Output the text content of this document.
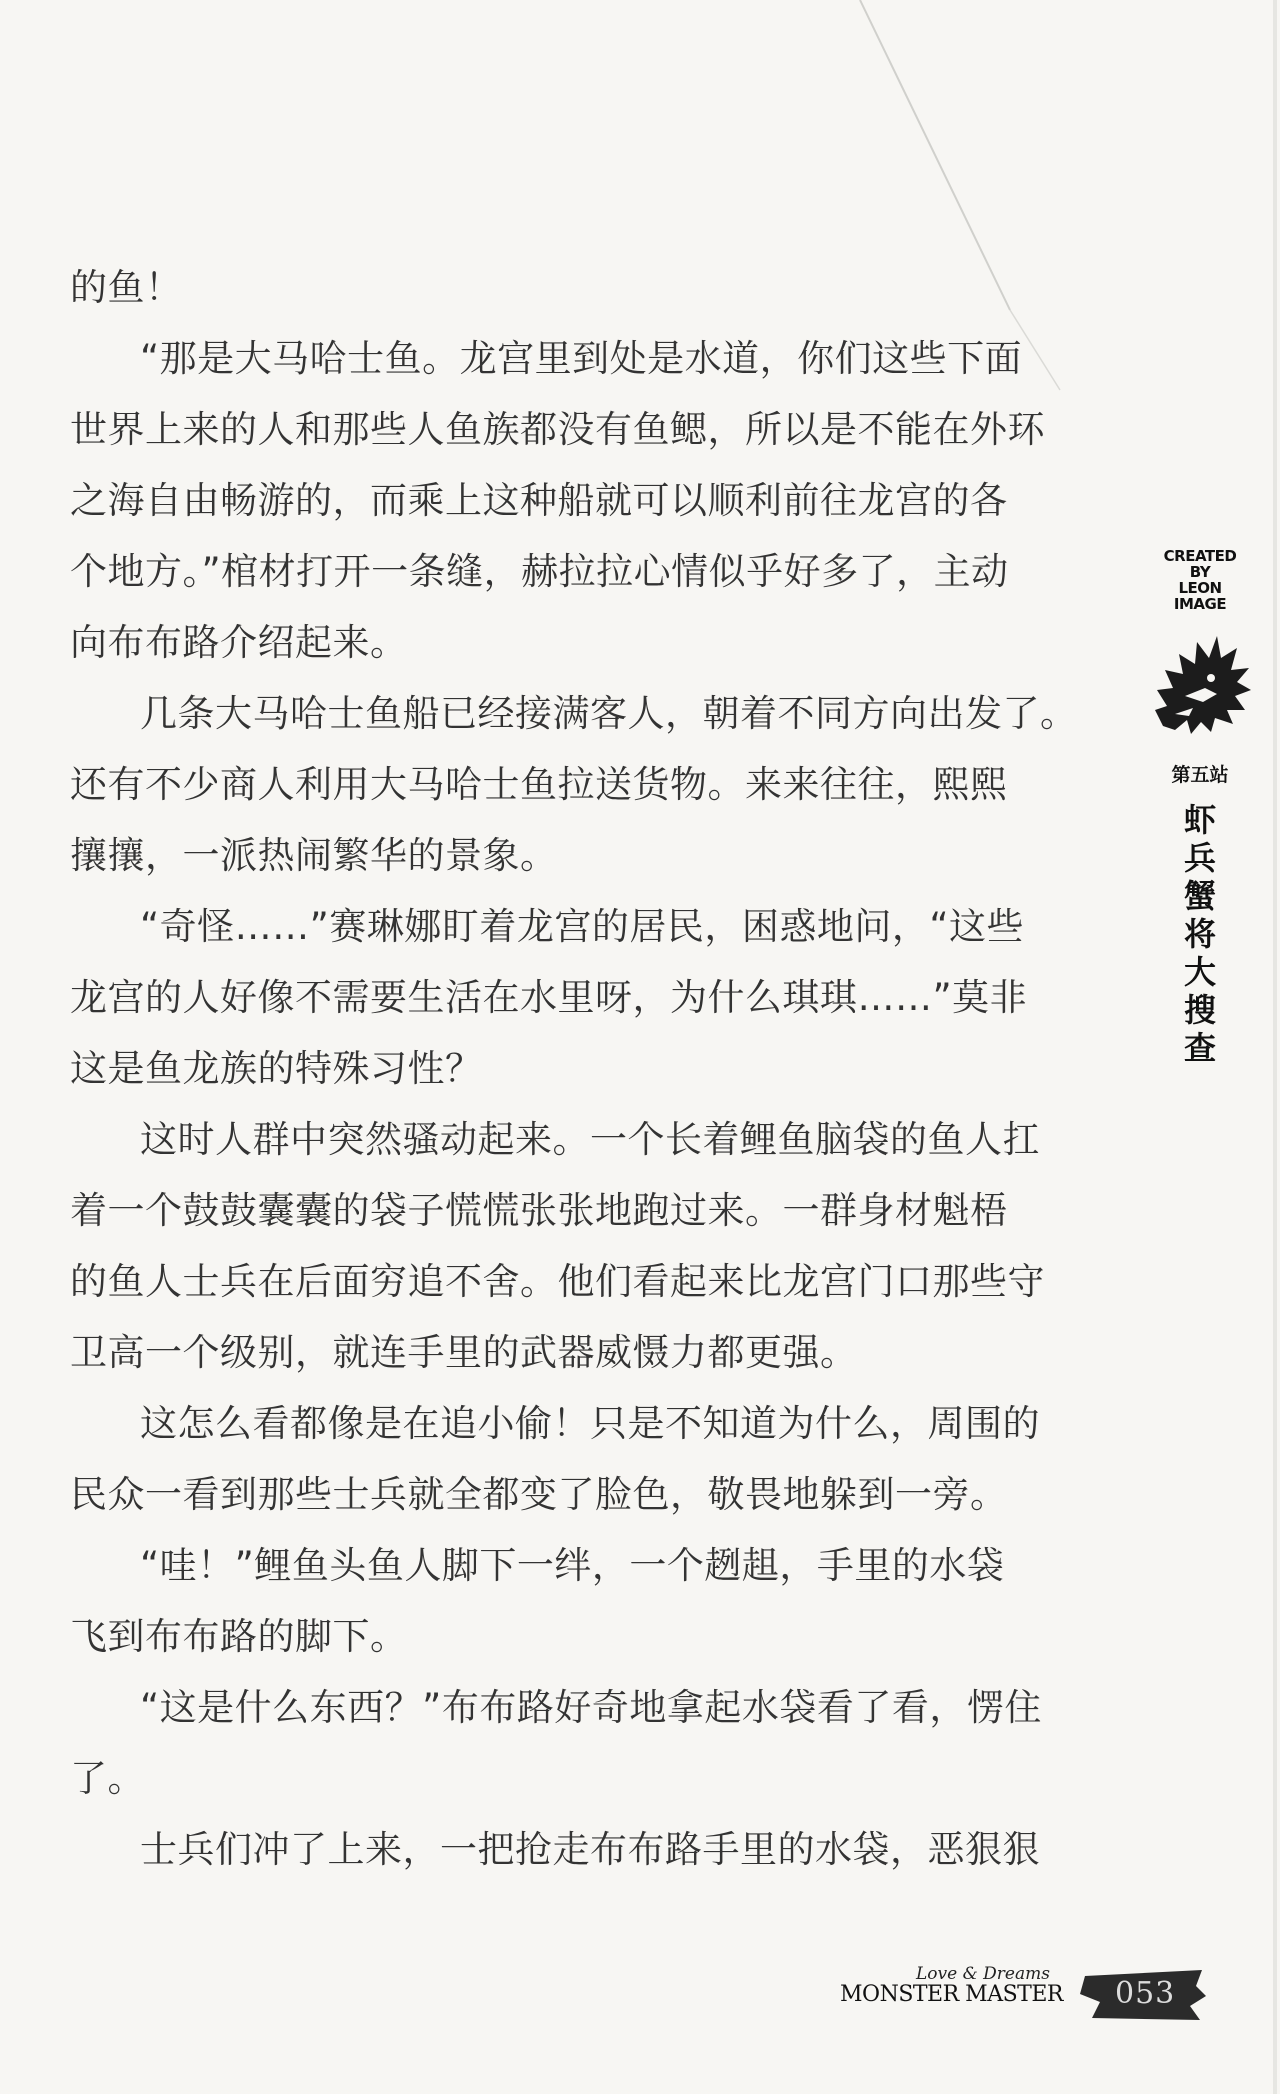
的鱼！
“那是大马哈士鱼。龙宫里到处是水道，你们这些下面
世界上来的人和那些人鱼族都没有鱼鳃，所以是不能在外环
之海自由畅游的，而乘上这种船就可以顺利前往龙宫的各
个地方。”棺材打开一条缝，赫拉拉心情似乎好多了，主动
向布布路介绍起来。
几条大马哈士鱼船已经接满客人，朝着不同方向出发了。
还有不少商人利用大马哈士鱼拉送货物。来来往往，熙熙
攘攘，一派热闹繁华的景象。
“奇怪……”赛琳娜盯着龙宫的居民，困惑地问，“这些
龙宫的人好像不需要生活在水里呀，为什么琪琪……”莫非
这是鱼龙族的特殊习性？
这时人群中突然骚动起来。一个长着鲤鱼脑袋的鱼人扛
着一个鼓鼓囊囊的袋子慌慌张张地跑过来。一群身材魁梧
的鱼人士兵在后面穷追不舍。他们看起来比龙宫门口那些守
卫高一个级别，就连手里的武器威慑力都更强。
这怎么看都像是在追小偷！只是不知道为什么，周围的
民众一看到那些士兵就全都变了脸色，敬畏地躲到一旁。
“哇！”鲤鱼头鱼人脚下一绊，一个趔趄，手里的水袋
飞到布布路的脚下。
“这是什么东西？”布布路好奇地拿起水袋看了看，愣住
了。
士兵们冲了上来，一把抢走布布路手里的水袋，恶狠狠
CREATED
BY
LEON
IMAGE
第五站
虾兵蟹将大搜查
Love & Dreams
MONSTER MASTER 053
